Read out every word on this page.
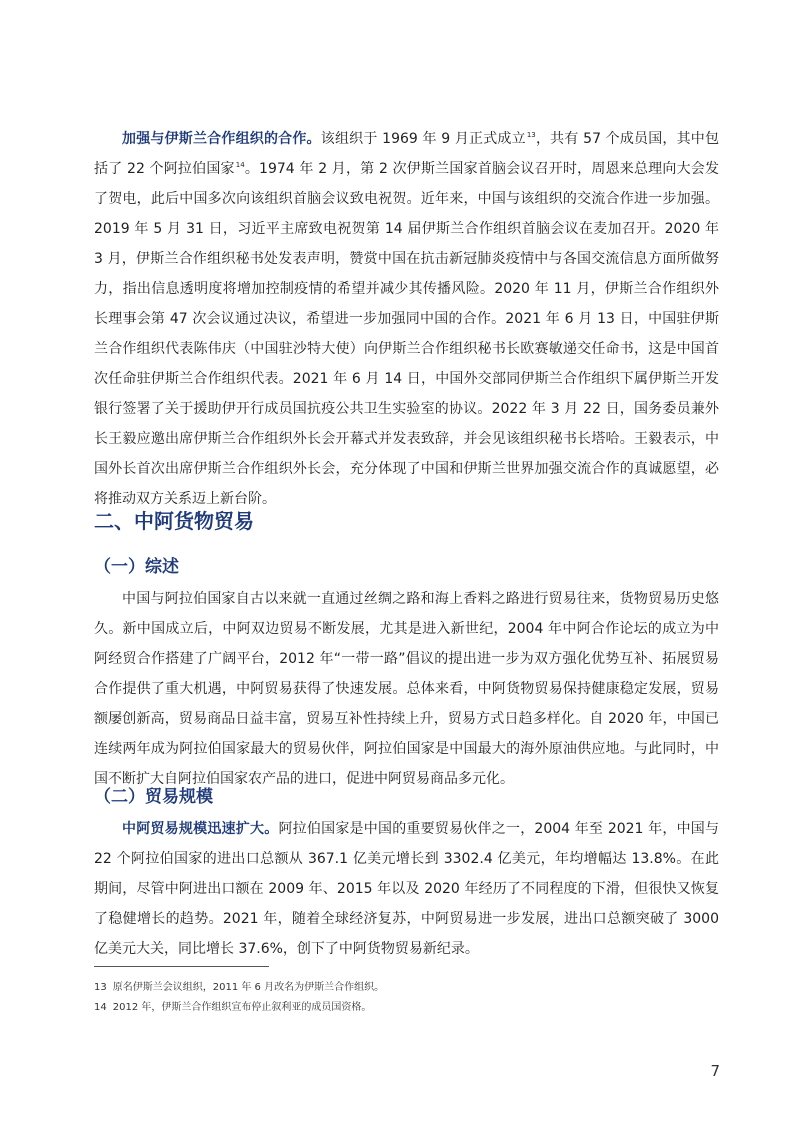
加强与伊斯兰合作组织的合作。该组织于 1969 年 9 月正式成立$^{13}$，共有 57 个成员国，其中包括了 22 个阿拉伯国家$^{14}$。1974 年 2 月，第 2 次伊斯兰国家首脑会议召开时，周恩来总理向大会发了贺电，此后中国多次向该组织首脑会议致电祝贺。近年来，中国与该组织的交流合作进一步加强。2019 年 5 月 31 日，习近平主席致电祝贺第 14 届伊斯兰合作组织首脑会议在麦加召开。2020 年 3 月，伊斯兰合作组织秘书处发表声明，赞赏中国在抗击新冠肺炎疫情中与各国交流信息方面所做努力，指出信息透明度将增加控制疫情的希望并减少其传播风险。2020 年 11 月，伊斯兰合作组织外长理事会第 47 次会议通过决议，希望进一步加强同中国的合作。2021 年 6 月 13 日，中国驻伊斯兰合作组织代表陈伟庆（中国驻沙特大使）向伊斯兰合作组织秘书长欧赛敏递交任命书，这是中国首次任命驻伊斯兰合作组织代表。2021 年 6 月 14 日，中国外交部同伊斯兰合作组织下属伊斯兰开发银行签署了关于援助伊开行成员国抗疫公共卫生实验室的协议。2022 年 3 月 22 日，国务委员兼外长王毅应邀出席伊斯兰合作组织外长会开幕式并发表致辞，并会见该组织秘书长塔哈。王毅表示，中国外长首次出席伊斯兰合作组织外长会，充分体现了中国和伊斯兰世界加强交流合作的真诚愿望，必将推动双方关系迈上新台阶。

二、中阿货物贸易
（一）综述

中国与阿拉伯国家自古以来就一直通过丝绸之路和海上香料之路进行贸易往来，货物贸易历史悠久。新中国成立后，中阿双边贸易不断发展，尤其是进入新世纪，2004 年中阿合作论坛的成立为中阿经贸合作搭建了广阔平台，2012 年“一带一路”倡议的提出进一步为双方强化优势互补、拓展贸易合作提供了重大机遇，中阿贸易获得了快速发展。总体来看，中阿货物贸易保持健康稳定发展，贸易额屡创新高，贸易商品日益丰富，贸易互补性持续上升，贸易方式日趋多样化。自 2020 年，中国已连续两年成为阿拉伯国家最大的贸易伙伴，阿拉伯国家是中国最大的海外原油供应地。与此同时，中国不断扩大自阿拉伯国家农产品的进口，促进中阿贸易商品多元化。

（二）贸易规模

中阿贸易规模迅速扩大。阿拉伯国家是中国的重要贸易伙伴之一，2004 年至 2021 年，中国与 22 个阿拉伯国家的进出口总额从 367.1 亿美元增长到 3302.4 亿美元，年均增幅达 13.8%。在此期间，尽管中阿进出口额在 2009 年、2015 年以及 2020 年经历了不同程度的下滑，但很快又恢复了稳健增长的趋势。2021 年，随着全球经济复苏，中阿贸易进一步发展，进出口总额突破了 3000 亿美元大关，同比增长 37.6%，创下了中阿货物贸易新纪录。

13 原名伊斯兰会议组织，2011 年 6 月改名为伊斯兰合作组织。
14 2012 年，伊斯兰合作组织宣布停止叙利亚的成员国资格。
7
